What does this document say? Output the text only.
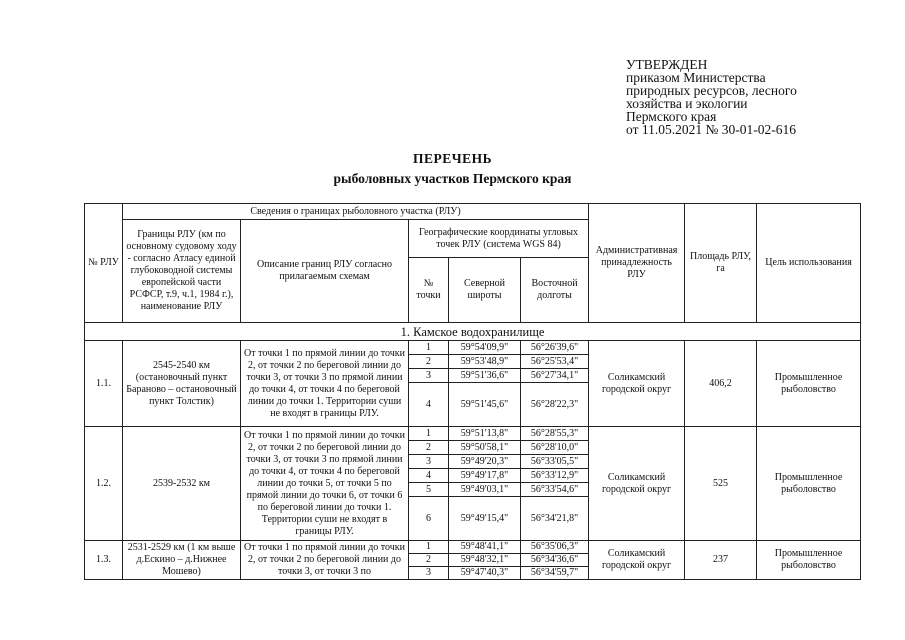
УТВЕРЖДЕН
приказом Министерства
природных ресурсов, лесного
хозяйства и экологии
Пермского края
от 11.05.2021 № 30-01-02-616
ПЕРЕЧЕНЬ
рыболовных участков Пермского края
№ РЛУ	Сведения о границах рыболовного участка (РЛУ)					Административная принадлежность РЛУ	Площадь РЛУ, га	Цель использования
	Границы РЛУ (км по основному судовому ходу - согласно Атласу единой глубоководной системы европейской части РСФСР, т.9, ч.1, 1984 г.), наименование РЛУ	Описание границ РЛУ согласно прилагаемым схемам	Географические координаты угловых точек РЛУ (система WGS 84)					
			№ точки	Северной широты	Восточной долготы			
1. Камское водохранилище								
1.1.	2545-2540 км (остановочный пункт Бараново – остановочный пункт Толстик)	От точки 1 по прямой линии до точки 2, от точки 2 по береговой линии до точки 3, от точки 3 по прямой линии до точки 4, от точки 4 по береговой линии до точки 1. Территории суши не входят в границы РЛУ.	1	59°54'09,9"	56°26'39,6"	Соликамский городской округ	406,2	Промышленное рыболовство
			2	59°53'48,9"	56°25'53,4"			
			3	59°51'36,6"	56°27'34,1"			
			4	59°51'45,6"	56°28'22,3"			
1.2.	2539-2532 км	От точки 1 по прямой линии до точки 2, от точки 2 по береговой линии до точки 3, от точки 3 по прямой линии до точки 4, от точки 4 по береговой линии до точки 5, от точки 5 по прямой линии до точки 6, от точки 6 по береговой линии до точки 1. Территории суши не входят в границы РЛУ.	1	59°51'13,8"	56°28'55,3"	Соликамский городской округ	525	Промышленное рыболовство
			2	59°50'58,1"	56°28'10,0"			
			3	59°49'20,3"	56°33'05,5"			
			4	59°49'17,8"	56°33'12,9"			
			5	59°49'03,1"	56°33'54,6"			
			6	59°49'15,4"	56°34'21,8"			
1.3.	2531-2529 км (1 км выше д.Ескино – д.Нижнее Мошево)	От точки 1 по прямой линии до точки 2, от точки 2 по береговой линии до точки 3, от точки 3 по	1	59°48'41,1"	56°35'06,3"	Соликамский городской округ	237	Промышленное рыболовство
			2	59°48'32,1"	56°34'36,6"			
			3	59°47'40,3"	56°34'59,7"			
